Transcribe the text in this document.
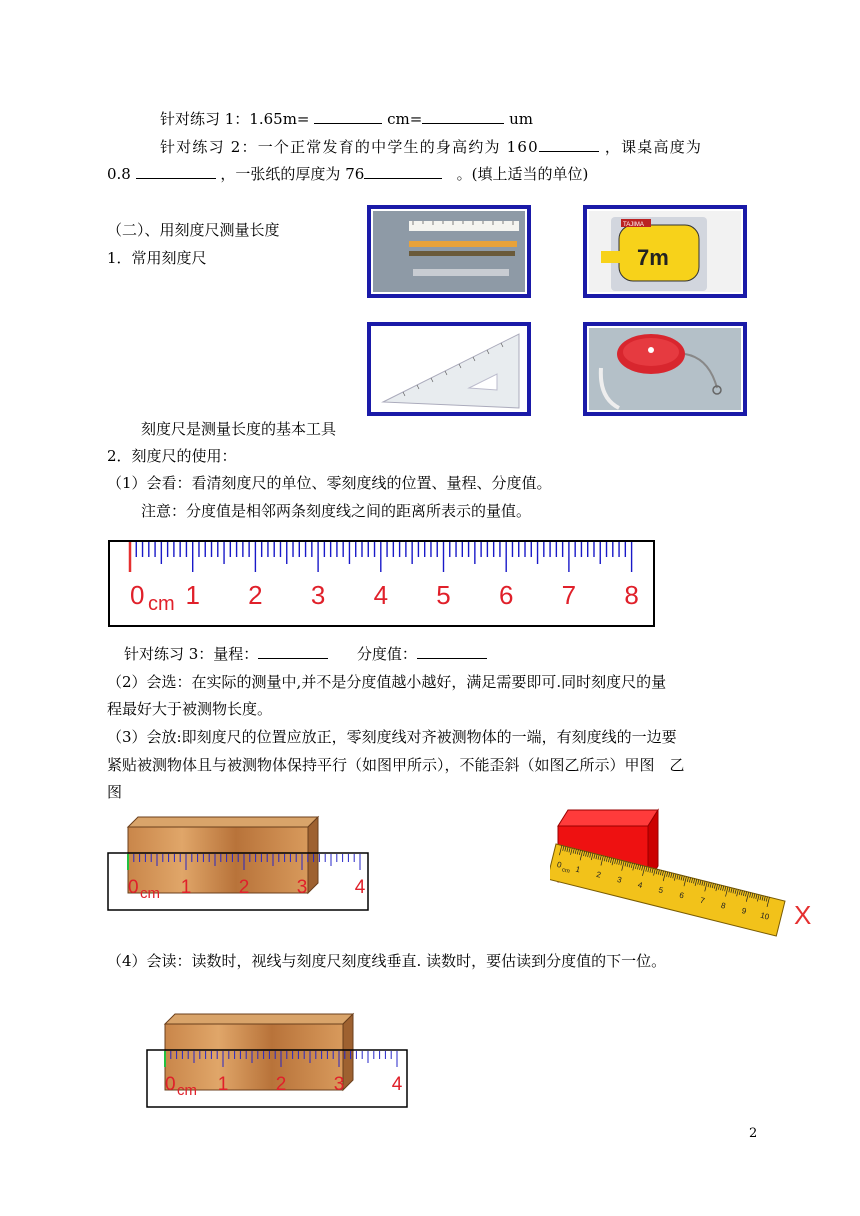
针对练习 1：1.65m=	cm=	um
针对练习 2：一个正常发育的中学生的身高约为 160	，课桌高度为
0.8	，一张纸的厚度为 76	。(填上适当的单位)
（二）、用刻度尺测量长度
1．常用刻度尺
TAJIMA
7m
刻度尺是测量长度的基本工具
2．刻度尺的使用：
（1）会看：看清刻度尺的单位、零刻度线的位置、量程、分度值。
注意：分度值是相邻两条刻度线之间的距离所表示的量值。
0 1 2 3 4 5 6 7 8
cm
针对练习 3：量程：	分度值：
（2）会选：在实际的测量中,并不是分度值越小越好，满足需要即可.同时刻度尺的量
程最好大于被测物长度。
（3）会放:即刻度尺的位置应放正，零刻度线对齐被测物体的一端，有刻度线的一边要
紧贴被测物体且与被测物体保持平行（如图甲所示），不能歪斜（如图乙所示）甲图　乙
图
0 1 2 3 4
cm
0 1
2
3
4
5
6
7
8
9 10
cm
X
（4）会读：读数时，视线与刻度尺刻度线垂直. 读数时，要估读到分度值的下一位。
0 1 2 3 4
cm
2
